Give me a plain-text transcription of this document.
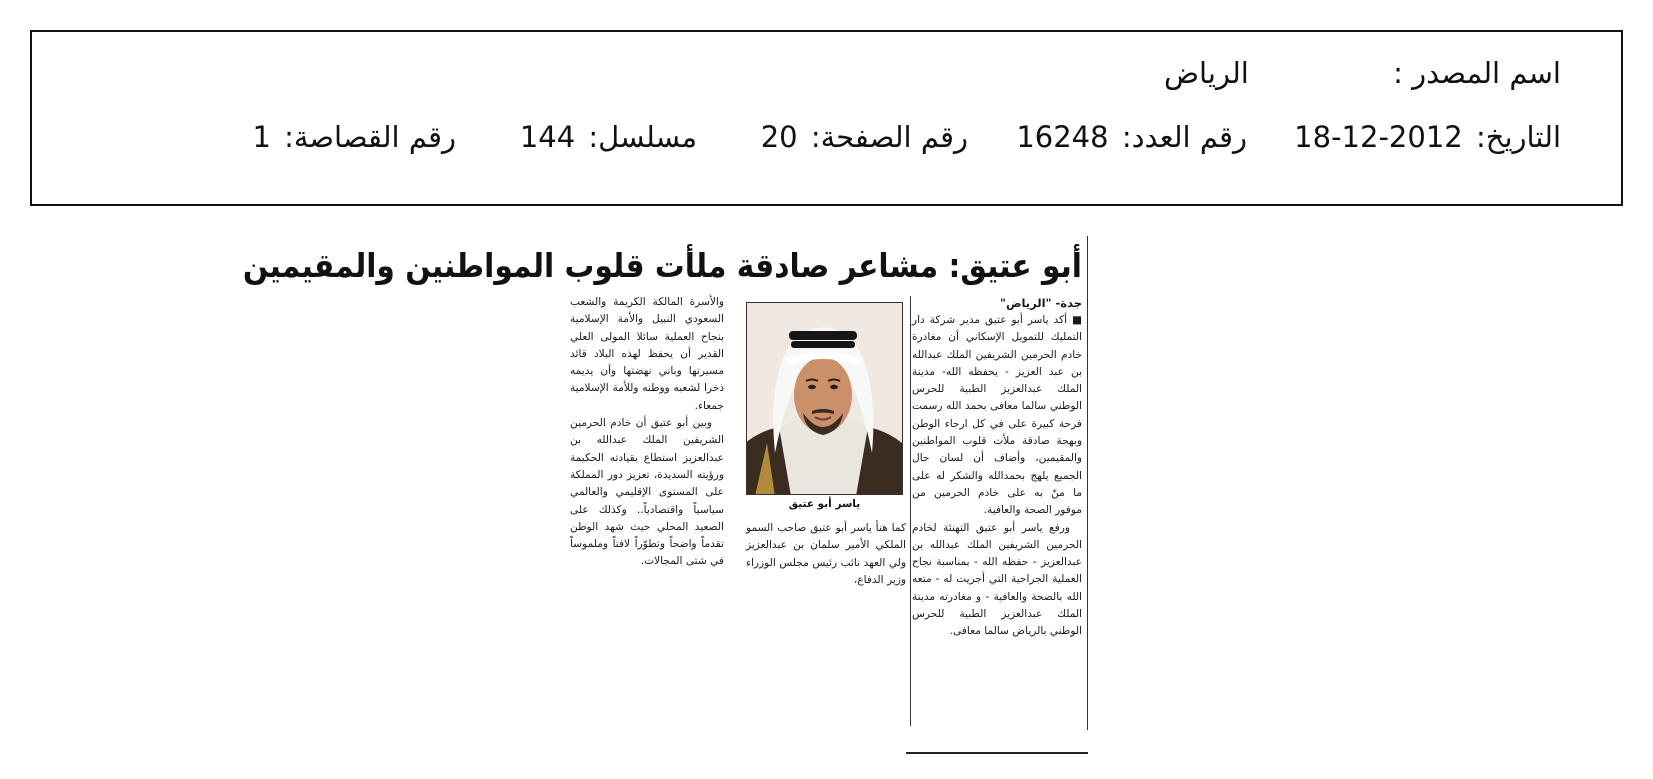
اسم المصدر : الرياض
التاريخ: 2012-12-18
رقم العدد: 16248
رقم الصفحة: 20
مسلسل: 144
رقم القصاصة: 1
أبو عتيق: مشاعر صادقة ملأت قلوب المواطنين والمقيمين
جدة- "الرياض"

■ أكد ياسر أبو عتيق مدير شركة دار التمليك للتمويل الإسكاني أن مغادرة خادم الحرمين الشريفين الملك عبدالله بن عبد العزيز - يحفظه الله- مدينة الملك عبدالعزيز الطبية للحرس الوطني سالما معافى بحمد الله رسمت فرحة كبيرة على في كل ارجاء الوطن وبهجة صادقة ملأت قلوب المواطنين والمقيمين، وأضاف أن لسان حال الجميع يلهج بحمدالله والشكر له على ما منّ به على خادم الحرمين من موفور الصحة والعافية.

ورفع ياسر أبو عتيق التهنئة لخادم الحرمين الشريفين الملك عبدالله بن عبدالعزيز - حفظه الله - بمناسبة نجاح العملية الجراحية التي أجريت له - متعه الله بالصحة والعافية - و مغادرته مدينة الملك عبدالعزيز الطبية للحرس الوطني بالرياض سالما معافى.

ياسر أبو عتيق
كما هنأ ياسر أبو عتيق صاحب السمو الملكي الأمير سلمان بن عبدالعزيز ولي العهد نائب رئيس مجلس الوزراء وزير الدفاع،

والأسرة المالكة الكريمة والشعب السعودي النبيل والأمة الإسلامية بنجاح العملية سائلا المولى العلي القدير أن يحفظ لهذه البلاد قائد مسيرتها وباني نهضتها وأن يديمه ذخرا لشعبه ووطنه وللأمة الإسلامية جمعاء.

وبين أبو عتيق أن خادم الحرمين الشريفين الملك عبدالله بن عبدالعزيز استطاع بقيادته الحكيمة ورؤيته السديدة، تعزيز دور المملكة على المستوى الإقليمي والعالمي سياسياً واقتصادياً.. وكذلك على الصعيد المحلي حيث شهد الوطن تقدماً واضحاً وتطوّراً لافتاً وملموساً في شتى المجالات.
